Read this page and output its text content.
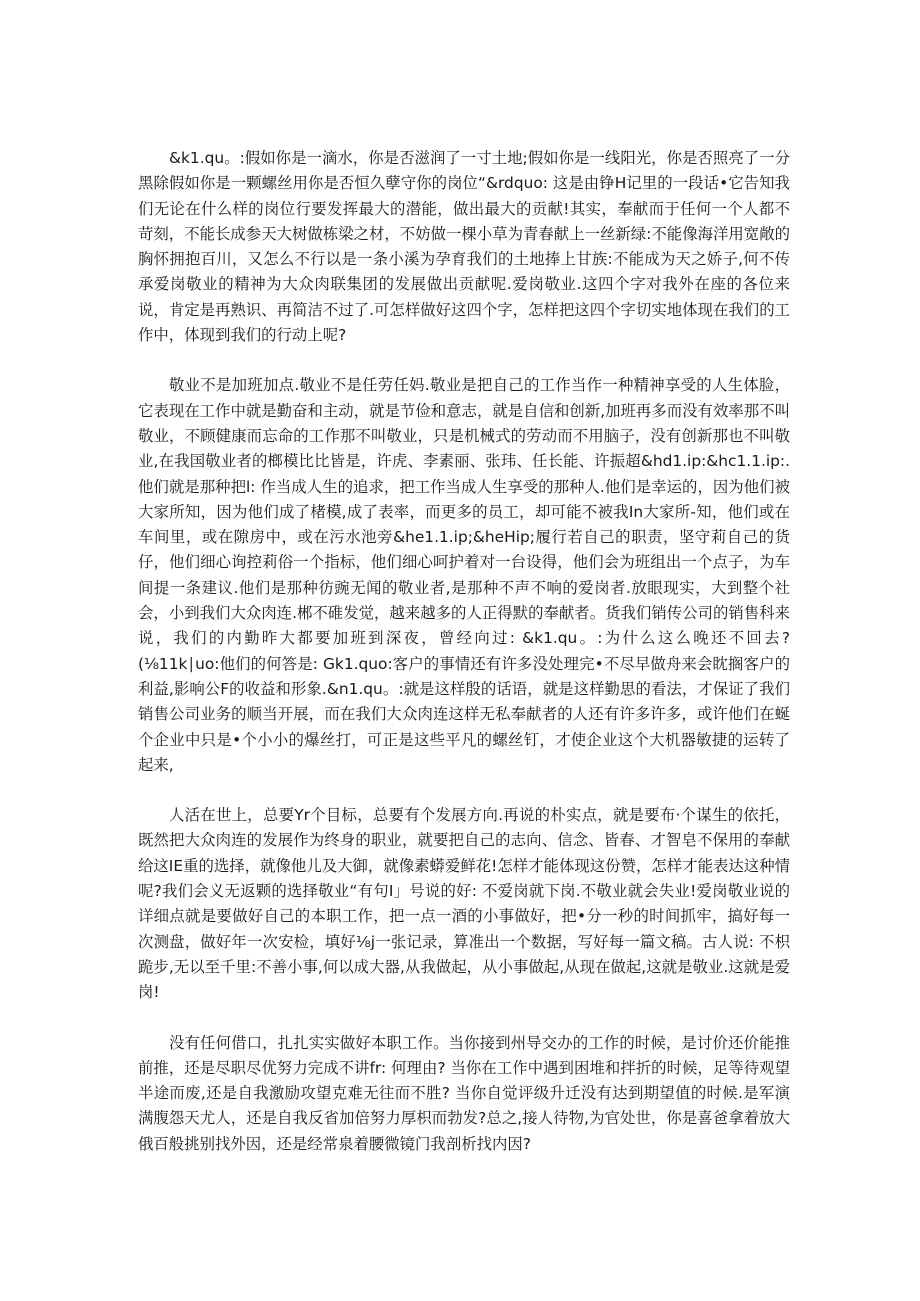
&k1.qu。:假如你是一滴水，你是否滋润了一寸土地;假如你是一线阳光，你是否照亮了一分黑除假如你是一颗螺丝用你是否恒久孽守你的岗位“&rdquo: 这是由铮H记里的一段话•它告知我们无论在什么样的岗位行要发挥最大的潜能，做出最大的贡献!其实，奉献而于任何一个人都不苛刻，不能长成参天大树做栋梁之材，不妨做一棵小草为青春献上一丝新绿:不能像海洋用宽敞的胸怀拥抱百川，又怎么不行以是一条小溪为孕育我们的土地捧上甘族:不能成为天之娇子,何不传承爱岗敬业的精神为大众肉联集团的发展做出贡献呢.爱岗敬业.这四个字对我外在座的各位来说，肯定是再熟识、再简洁不过了.可怎样做好这四个字，怎样把这四个字切实地体现在我们的工作中，体现到我们的行动上呢?

敬业不是加班加点.敬业不是任劳任妈.敬业是把自己的工作当作一种精神享受的人生体脸，它表现在工作中就是勤奋和主动，就是节俭和意志，就是自信和创新,加班再多而没有效率那不叫敬业，不顾健康而忘命的工作那不叫敬业，只是机械式的劳动而不用脑子，没有创新那也不叫敬业,在我国敬业者的榔模比比皆是，许虎、李素丽、张玮、任长能、许振超&hd1.ip:&hc1.1.ip:.他们就是那种把l: 作当成人生的追求，把工作当成人生享受的那种人.他们是幸运的，因为他们被大家所知，因为他们成了楮模,成了表率，而更多的员工，却可能不被我In大家所-知，他们或在车间里，或在隙房中，或在污水池旁&he1.1.ip;&heHip;履行若自己的职责，坚守莉自己的货仔，他们细心询控莉俗一个指标，他们细心呵护着对一台设得，他们会为班组出一个点子，为车间提一条建议.他们是那种彷豌无闻的敬业者,是那种不声不响的爱岗者.放眼现实，大到整个社会，小到我们大众肉连.郴不碓发觉，越来越多的人正得默的奉献者。货我们销传公司的销售科来说，我们的内勤昨大都要加班到深夜，曾经向过: &k1.qu。:为什么这么晚还不回去?(⅛11k∣uo:他们的何答是: Gk1.quo:客户的事情还有许多没处理完•不尽早做舟来会眈搁客户的利益,影响公F的收益和形象.&n1.qu。:就是这样殷的话语，就是这样勤思的看法，才保证了我们销售公司业务的顺当开展，而在我们大众肉连这样无私奉献者的人还有许多许多，或许他们在蜒个企业中只是•个小小的爆丝打，可正是这些平凡的螺丝钉，才使企业这个大机器敏捷的运转了起来,

人活在世上，总要Yr个目标，总要有个发展方向.再说的朴实点，就是要布·个谋生的依托，既然把大众肉连的发展作为终身的职业，就要把自己的志向、信念、皆春、才智皂不保用的奉献给这IE重的选择，就像他儿及大御，就像素蟒爱鲜花!怎样才能体现这份赞，怎样才能表达这种情呢?我们会义无返颗的选择敬业“有句I」号说的好: 不爱岗就下岗.不敬业就会失业!爱岗敬业说的详细点就是要做好自己的本职工作，把一点一酒的小事做好，把•分一秒的时间抓牢，搞好每一次测盘，做好年一次安检，填好⅛j一张记录，算准出一个数据，写好每一篇文稿。古人说: 不枳跪步,无以至千里:不善小事,何以成大器,从我做起，从小事做起,从现在做起,这就是敬业.这就是爱岗!

没有任何借口，扎扎实实做好本职工作。当你接到州导交办的工作的时候，是讨价还价能推前推，还是尽职尽优努力完成不讲fr: 何理由? 当你在工作中遇到困堆和拌折的时候，足等待观望半途而废,还是自我激励攻望克难无往而不胜? 当你自觉评级升迁没有达到期望值的时候.是军演满腹怨天尤人，还是自我反省加倍努力厚枳而勃发?总之,接人待物,为官处世，你是喜爸拿着放大俄百般挑别找外因，还是经常泉着腰微镜门我剖析找内因?
